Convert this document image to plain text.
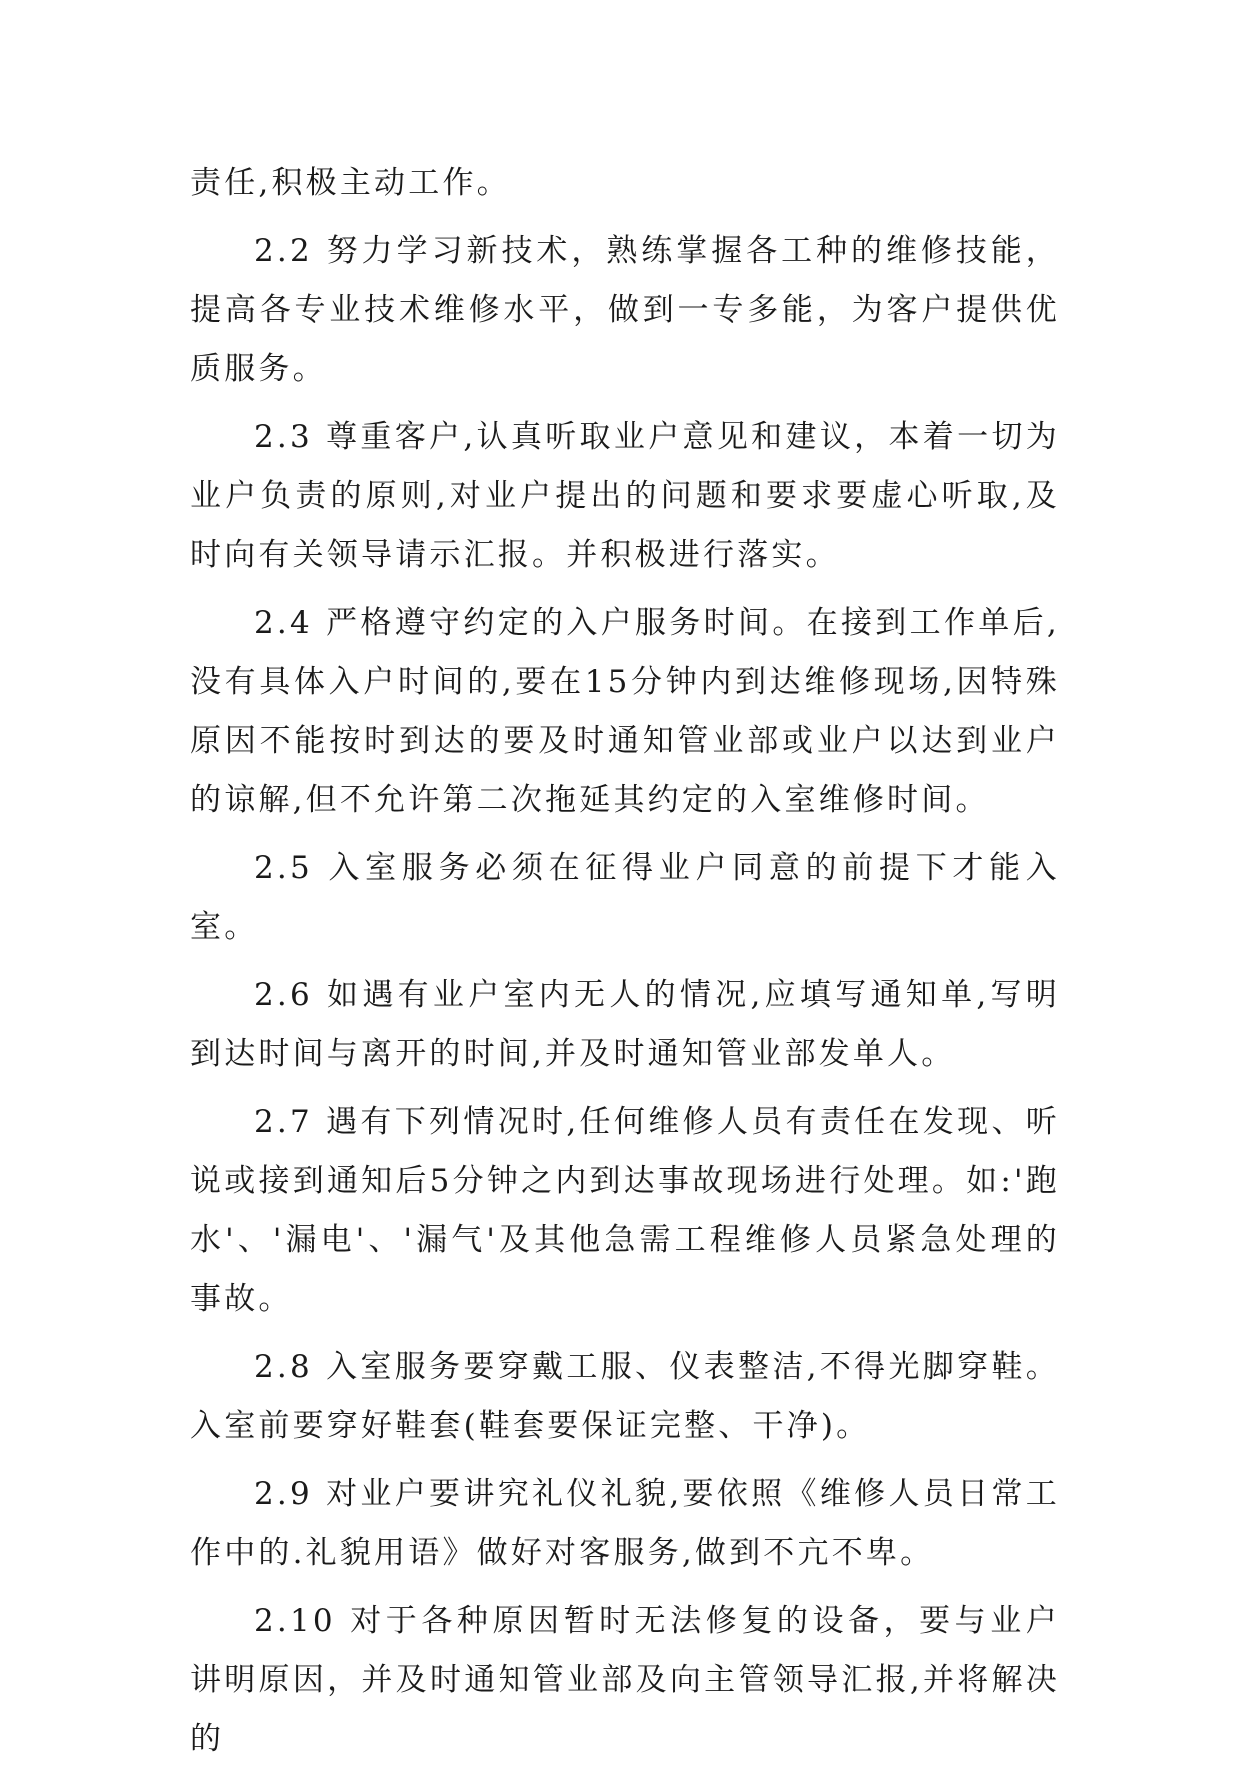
责任,积极主动工作。

2.2 努力学习新技术，熟练掌握各工种的维修技能，提高各专业技术维修水平，做到一专多能，为客户提供优质服务。

2.3 尊重客户,认真听取业户意见和建议，本着一切为业户负责的原则,对业户提出的问题和要求要虚心听取,及时向有关领导请示汇报。并积极进行落实。

2.4 严格遵守约定的入户服务时间。在接到工作单后,没有具体入户时间的,要在15分钟内到达维修现场,因特殊原因不能按时到达的要及时通知管业部或业户以达到业户的谅解,但不允许第二次拖延其约定的入室维修时间。

2.5 入室服务必须在征得业户同意的前提下才能入室。

2.6 如遇有业户室内无人的情况,应填写通知单,写明到达时间与离开的时间,并及时通知管业部发单人。

2.7 遇有下列情况时,任何维修人员有责任在发现、听说或接到通知后5分钟之内到达事故现场进行处理。如:'跑水'、'漏电'、'漏气'及其他急需工程维修人员紧急处理的事故。

2.8 入室服务要穿戴工服、仪表整洁,不得光脚穿鞋。入室前要穿好鞋套(鞋套要保证完整、干净)。

2.9 对业户要讲究礼仪礼貌,要依照《维修人员日常工作中的.礼貌用语》做好对客服务,做到不亢不卑。

2.10 对于各种原因暂时无法修复的设备，要与业户讲明原因，并及时通知管业部及向主管领导汇报,并将解决的
